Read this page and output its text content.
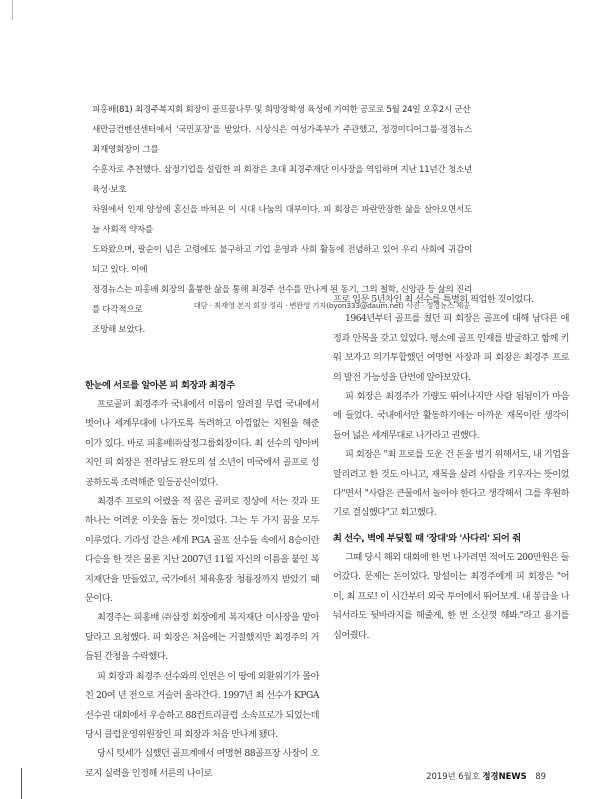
피홍배(81) 최경주복지회 회장이 골프꿈나무 및 희망장학생 육성에 기여한 공로로 5월 24일 오후2시 군산

새만금컨벤션센터에서 '국민포장'을 받았다. 시상식은 여성가족부가 주관했고, 정경미디어그룹·정경뉴스 최재영회장이 그를

수훈자로 추천했다. 삼정기업을 설립한 피 회장은 초대 최경주재단 이사장을 역임하며 지난 11년간 청소년 육성·보호

차원에서 인재 양성에 혼신을 바쳐온 이 시대 나눔의 대부이다. 피 회장은 파란만장한 삶을 살아오면서도 늘 사회적 약자를

도와왔으며, 팔순이 넘은 고령에도 불구하고 기업 운영과 사회 활동에 전념하고 있어 우리 사회에 귀감이 되고 있다. 이에

정경뉴스는 피홍배 회장의 훌륭한 삶을 통해 최경주 선수를 만나게 된 동기, 그의 철학, 신앙관 등 삶의 진리를 다각적으로

조망해 보았다.

대담 · 최재영 본지 회장 정리 · 변완영 기자(byon333@daum.net) 사진 · 정경뉴스 제공
한눈에 서로를 알아본 피 회장과 최경주

프로골퍼 최경주가 국내에서 이름이 알려질 무렵 국내에서 벗어나 세계무대에 나가도록 독려하고 아낌없는 지원을 해준 이가 있다. 바로 피홍배㈜삼정그룹회장이다. 최 선수의 양아버지인 피 회장은 전라남도 완도의 섬 소년이 미국에서 골프로 성공하도록 조력해준 일등공신이었다.

최경주 프로의 어렸을 적 꿈은 골퍼로 정상에 서는 것과 또 하나는 어려운 이웃을 돕는 것이었다. 그는 두 가지 꿈을 모두 이루었다. 기라성 같은 세계 PGA 골프 선수들 속에서 8승이란 다승을 한 것은 물론 지난 2007년 11월 자신의 이름을 붙인 복지재단을 만들었고, 국가에서 체육훈장 청룡장까지 받았기 때문이다.

최경주는 피홍배 ㈜삼정 회장에게 복지재단 이사장을 맡아 달라고 요청했다. 피 회장은 처음에는 거절했지만 최경주의 거듭된 간청을 수락했다.

피 회장과 최경주 선수와의 인연은 이 땅에 외환위기가 몰아친 20여 년 전으로 거슬러 올라간다. 1997년 최 선수가 KPGA선수권 대회에서 우승하고 88컨트리클럽 소속프로가 되었는데 당시 클럽운영위원장인 피 회장과 처음 만나게 됐다.

당시 텃세가 심했던 골프계에서 여명현 88골프장 사장이 오로지 실력을 인정해 서른의 나이로

프로 입문 5년차인 최 선수를 특별히 픽업한 것이었다.

1964년부터 골프를 쳤던 피 회장은 골프에 대해 남다른 애정과 안목을 갖고 있었다. 평소에 골프 인재를 발굴하고 함께 키워 보자고 의기투합했던 여명현 사장과 피 회장은 최경주 프로의 발전 가능성을 단번에 알아보았다.

피 회장은 최경주가 기량도 뛰어나지만 사람 됨됨이가 마음에 들었다. 국내에서만 활동하기에는 아까운 재목이란 생각이 들어 넓은 세계무대로 나가라고 권했다.

피 회장은 "최 프로를 도운 건 돈을 벌기 위해서도, 내 기업을 알리려고 한 것도 아니고, 재목을 살려 사람을 키우자는 뜻이었다"면서 "사람은 큰물에서 놀아야 한다고 생각해서 그를 후원하기로 결심했다"고 회고했다.

최 선수, 벽에 부딪힐 때 '장대'와 '사다리' 되어 줘

그때 당시 해외 대회에 한 번 나가려면 적어도 200만원은 들어갔다. 문제는 돈이었다. 망설이는 최경주에게 피 회장은 "어이, 최 프로! 이 시간부터 외국 투어에서 뛰어보게. 내 봉급을 나눠서라도 뒷바라지를 해줄게, 한 번 소신껏 해봐."라고 용기를 심어줬다.

2019년 6월호 정경NEWS 89
